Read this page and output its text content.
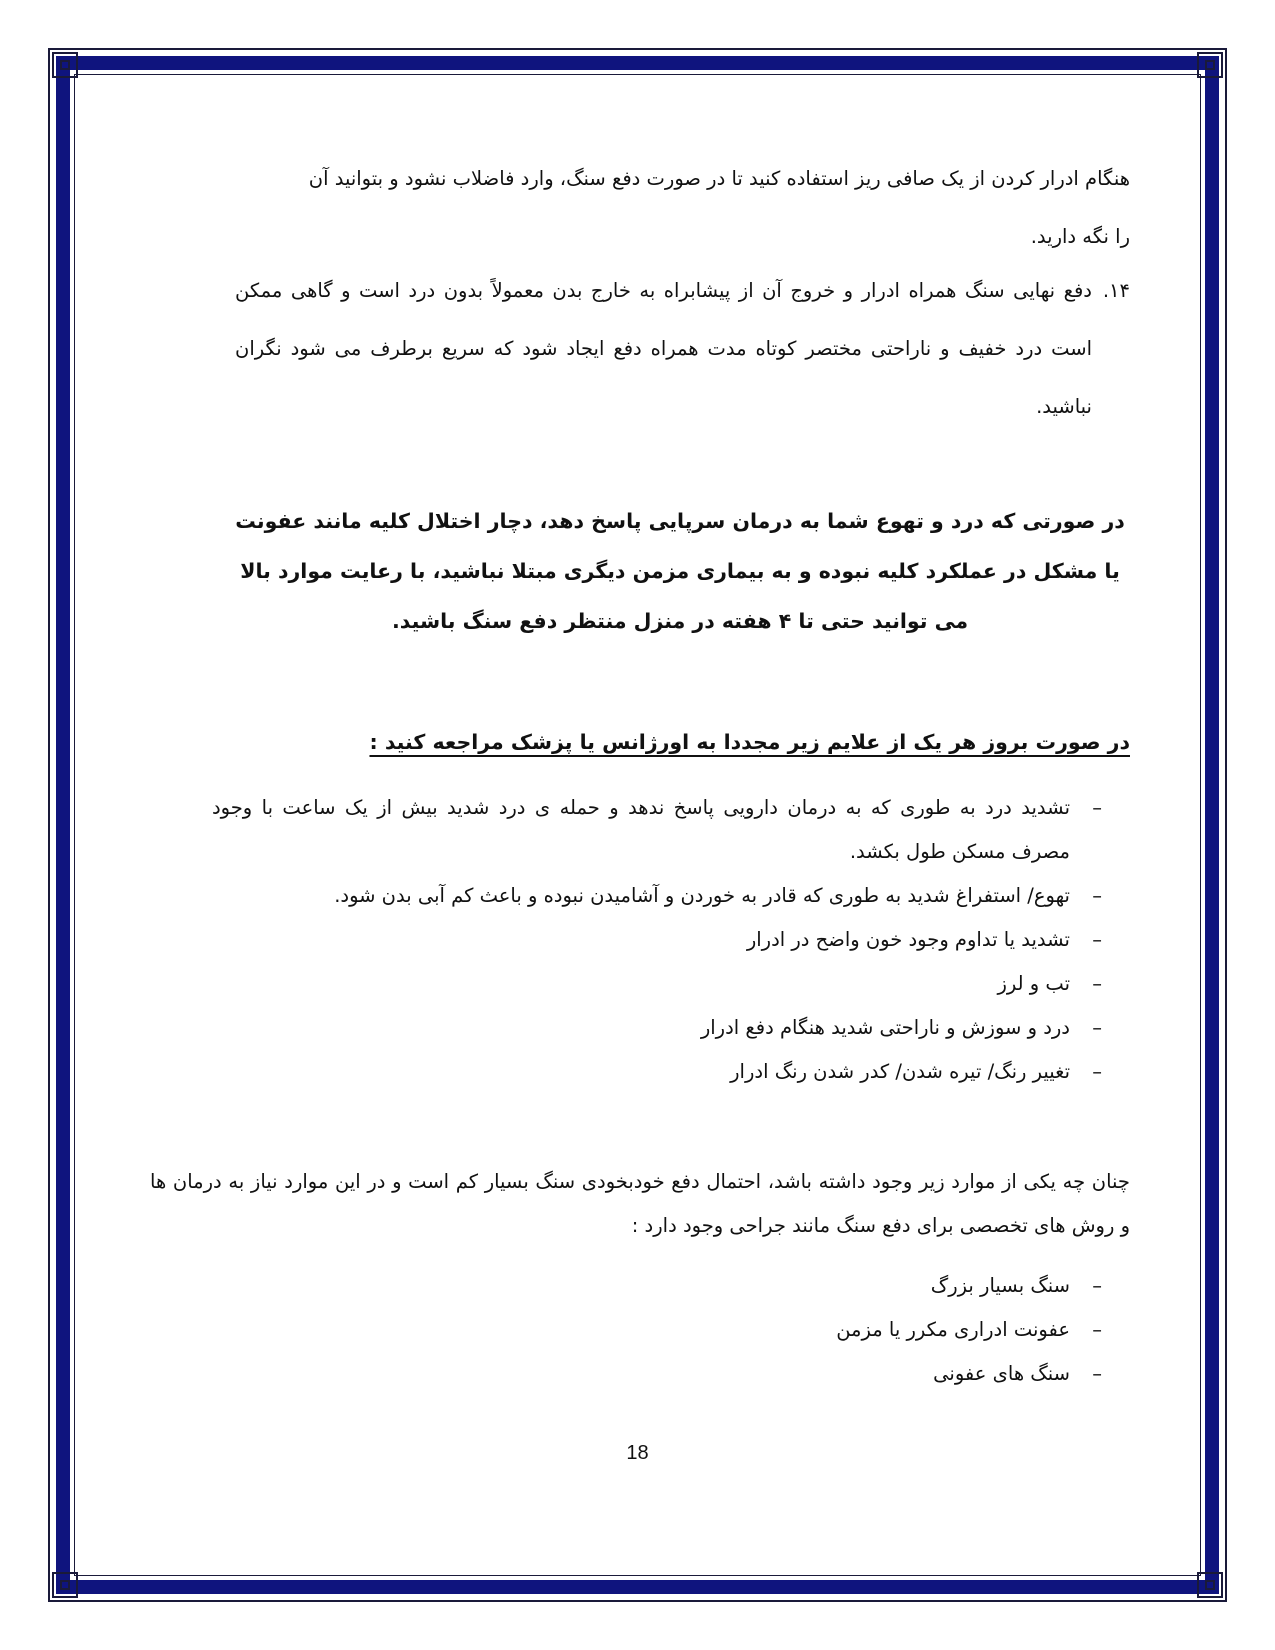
هنگام ادرار کردن از یک صافی ریز استفاده کنید تا در صورت دفع سنگ، وارد فاضلاب نشود و بتوانید آن
را نگه دارید.
۱۴.
دفع نهایی سنگ همراه ادرار و خروج آن از پیشابراه به خارج بدن معمولاً بدون درد است و گاهی ممکن است درد خفیف و ناراحتی مختصر کوتاه مدت همراه دفع ایجاد شود که سریع برطرف می شود نگران نباشید.
در صورتی که درد و تهوع شما به درمان سرپایی پاسخ دهد، دچار اختلال کلیه مانند عفونت یا مشکل در عملکرد کلیه نبوده و به بیماری مزمن دیگری مبتلا نباشید، با رعایت موارد بالا می توانید حتی تا ۴ هفته در منزل منتظر دفع سنگ باشید.
در صورت بروز هر یک از علایم زیر مجددا به اورژانس یا پزشک مراجعه کنید :
–
تشدید درد به طوری که به درمان دارویی پاسخ ندهد و حمله ی درد شدید بیش از یک ساعت با وجود مصرف مسکن طول بکشد.
–
تهوع/ استفراغ شدید به طوری که قادر به خوردن و آشامیدن نبوده و باعث کم آبی بدن شود.
–
تشدید یا تداوم وجود خون واضح در ادرار
–
تب و لرز
–
درد و سوزش و ناراحتی شدید هنگام دفع ادرار
–
تغییر رنگ/ تیره شدن/ کدر شدن رنگ ادرار
چنان چه یکی از موارد زیر وجود داشته باشد، احتمال دفع خودبخودی سنگ بسیار کم است و در این موارد نیاز به درمان ها و روش های تخصصی برای دفع سنگ مانند جراحی وجود دارد :
–
سنگ بسیار بزرگ
–
عفونت ادراری مکرر یا مزمن
–
سنگ های عفونی
18
